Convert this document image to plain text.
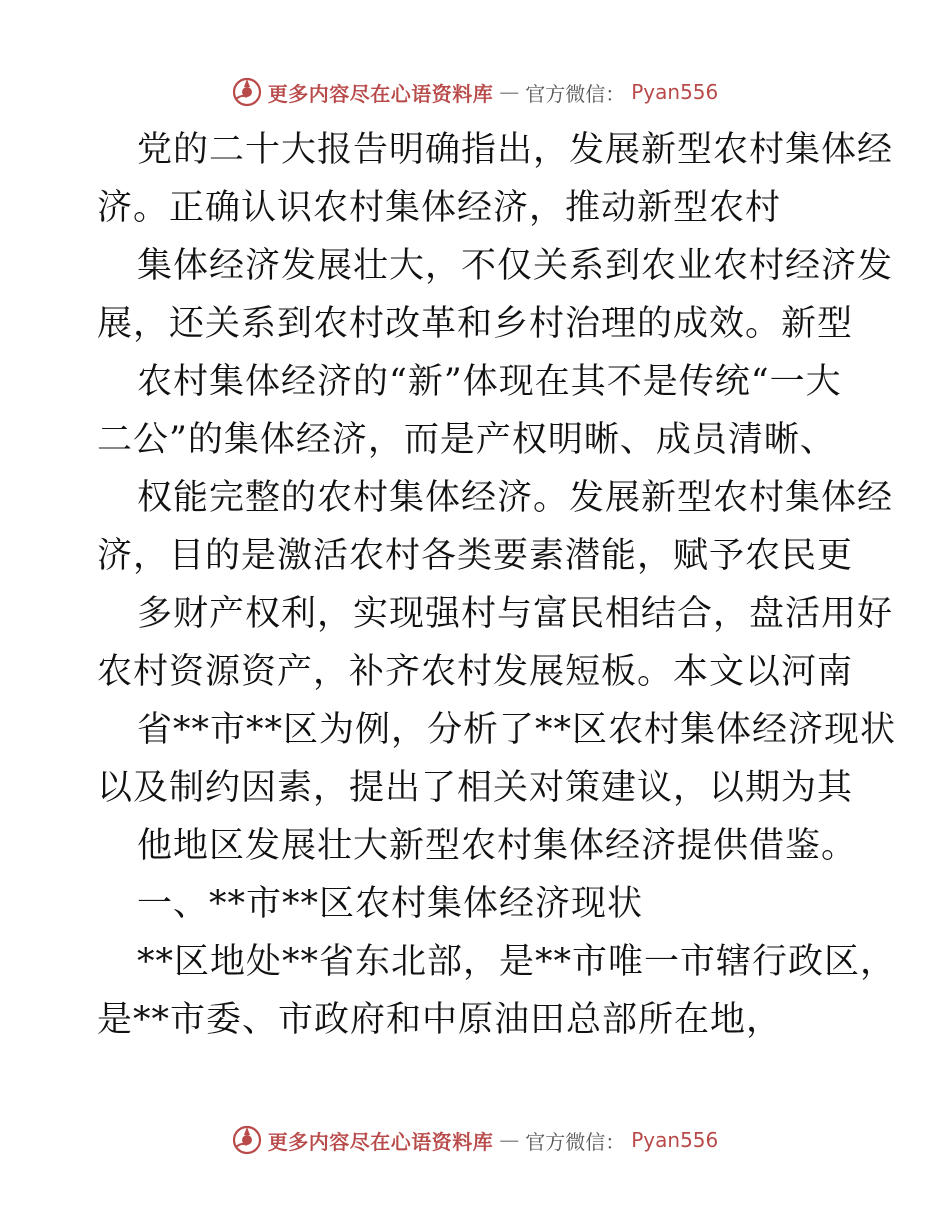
更多内容尽在心语资料库 — 官方微信： Pyan556
党的二十大报告明确指出，发展新型农村集体经
济。正确认识农村集体经济，推动新型农村
集体经济发展壮大，不仅关系到农业农村经济发
展，还关系到农村改革和乡村治理的成效。新型
农村集体经济的“新”体现在其不是传统“一大
二公”的集体经济，而是产权明晰、成员清晰、
权能完整的农村集体经济。发展新型农村集体经
济，目的是激活农村各类要素潜能，赋予农民更
多财产权利，实现强村与富民相结合，盘活用好
农村资源资产，补齐农村发展短板。本文以河南
省**市**区为例，分析了**区农村集体经济现状
以及制约因素，提出了相关对策建议，以期为其
他地区发展壮大新型农村集体经济提供借鉴。
一、**市**区农村集体经济现状
**区地处**省东北部，是**市唯一市辖行政区，
是**市委、市政府和中原油田总部所在地，
更多内容尽在心语资料库 — 官方微信： Pyan556
